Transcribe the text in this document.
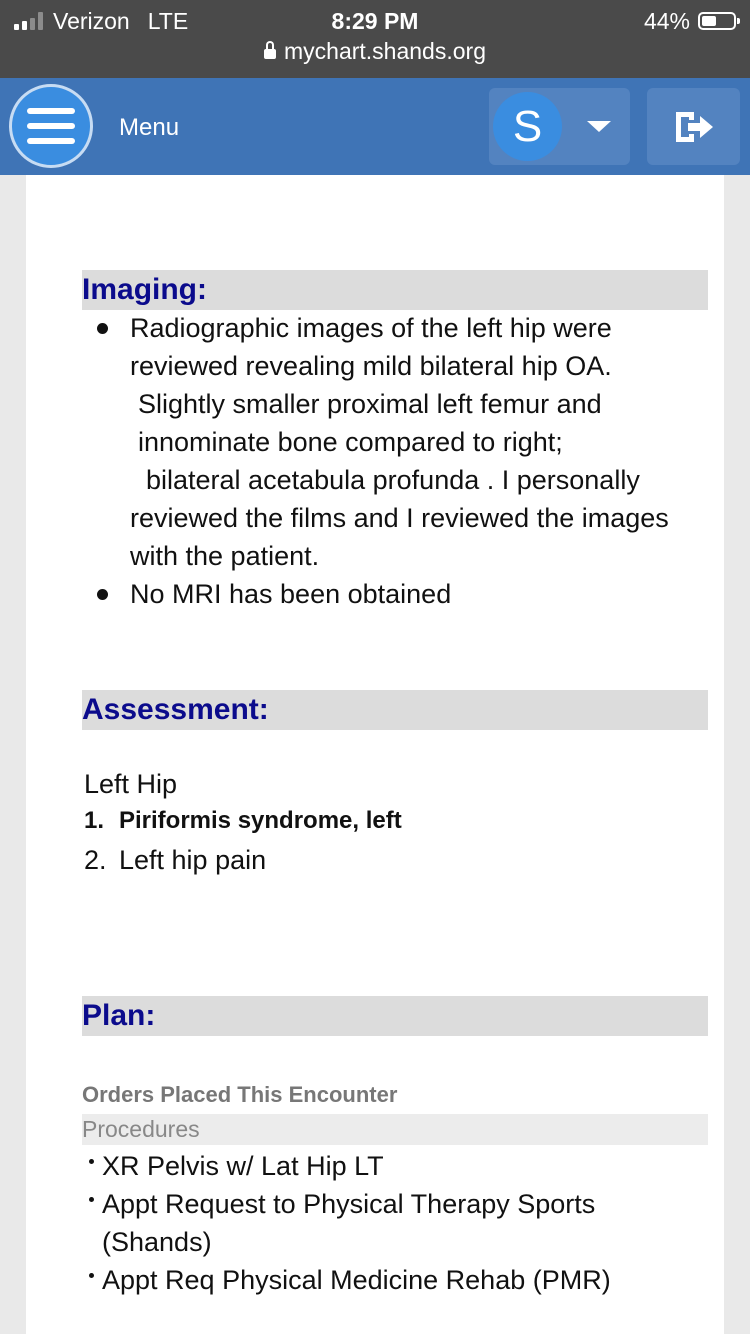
Verizon LTE	8:29 PM	44%
mychart.shands.org
Menu	S
Imaging:
Radiographic images of the left hip were reviewed revealing mild bilateral hip OA.
Slightly smaller proximal left femur and innominate bone compared to right;
bilateral acetabula profunda . I personally reviewed the films and I reviewed the images with the patient.
No MRI has been obtained
Assessment:
Left Hip
1. Piriformis syndrome, left
2. Left hip pain
Plan:
Orders Placed This Encounter
Procedures
XR Pelvis w/ Lat Hip LT
Appt Request to Physical Therapy Sports (Shands)
Appt Req Physical Medicine Rehab (PMR)
